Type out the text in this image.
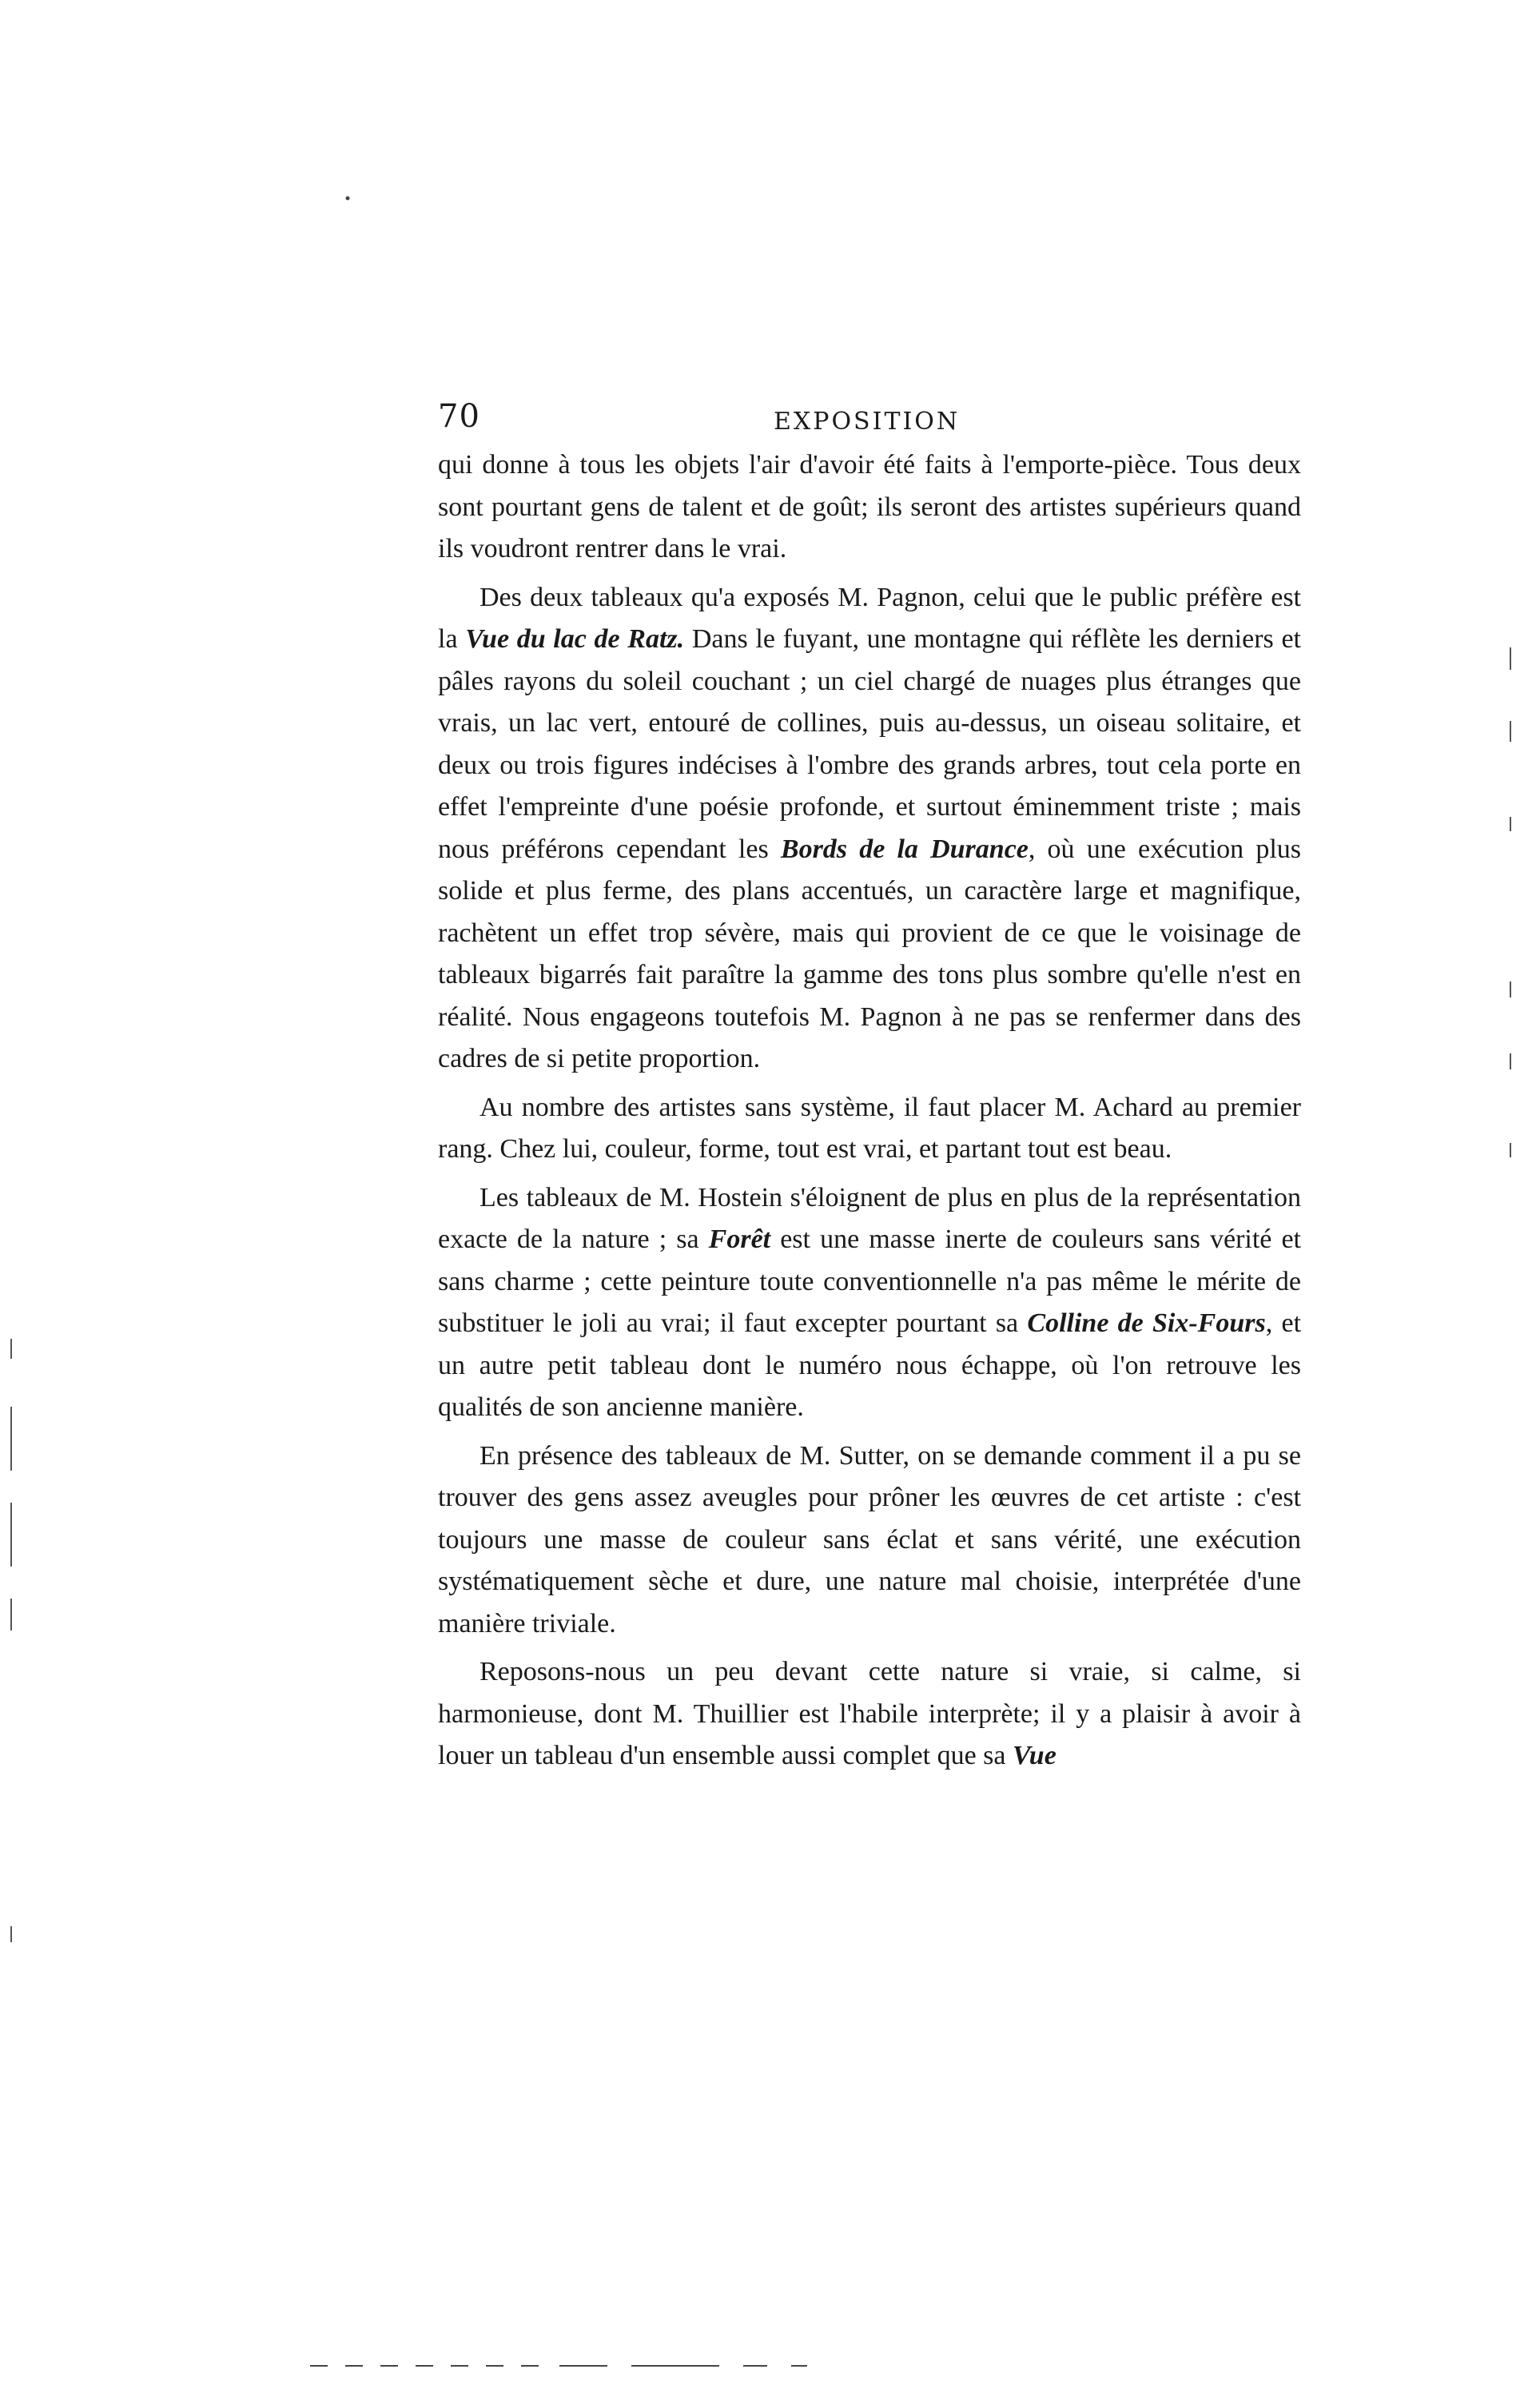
70	EXPOSITION

qui donne à tous les objets l'air d'avoir été faits à l'emporte-pièce. Tous deux sont pourtant gens de talent et de goût; ils seront des artistes supérieurs quand ils voudront rentrer dans le vrai.

Des deux tableaux qu'a exposés M. Pagnon, celui que le public préfère est la Vue du lac de Ratz. Dans le fuyant, une montagne qui réflète les derniers et pâles rayons du soleil couchant ; un ciel chargé de nuages plus étranges que vrais, un lac vert, entouré de collines, puis au-dessus, un oiseau solitaire, et deux ou trois figures indécises à l'ombre des grands arbres, tout cela porte en effet l'empreinte d'une poésie profonde, et surtout éminemment triste ; mais nous préférons cependant les Bords de la Durance, où une exécution plus solide et plus ferme, des plans accentués, un caractère large et magnifique, rachètent un effet trop sévère, mais qui provient de ce que le voisinage de tableaux bigarrés fait paraître la gamme des tons plus sombre qu'elle n'est en réalité. Nous engageons toutefois M. Pagnon à ne pas se renfermer dans des cadres de si petite proportion.

Au nombre des artistes sans système, il faut placer M. Achard au premier rang. Chez lui, couleur, forme, tout est vrai, et partant tout est beau.

Les tableaux de M. Hostein s'éloignent de plus en plus de la représentation exacte de la nature ; sa Forêt est une masse inerte de couleurs sans vérité et sans charme ; cette peinture toute conventionnelle n'a pas même le mérite de substituer le joli au vrai; il faut excepter pourtant sa Colline de Six-Fours, et un autre petit tableau dont le numéro nous échappe, où l'on retrouve les qualités de son ancienne manière.

En présence des tableaux de M. Sutter, on se demande comment il a pu se trouver des gens assez aveugles pour prôner les œuvres de cet artiste : c'est toujours une masse de couleur sans éclat et sans vérité, une exécution systématiquement sèche et dure, une nature mal choisie, interprétée d'une manière triviale.

Reposons-nous un peu devant cette nature si vraie, si calme, si harmonieuse, dont M. Thuillier est l'habile interprète; il y a plaisir à avoir à louer un tableau d'un ensemble aussi complet que sa Vue
